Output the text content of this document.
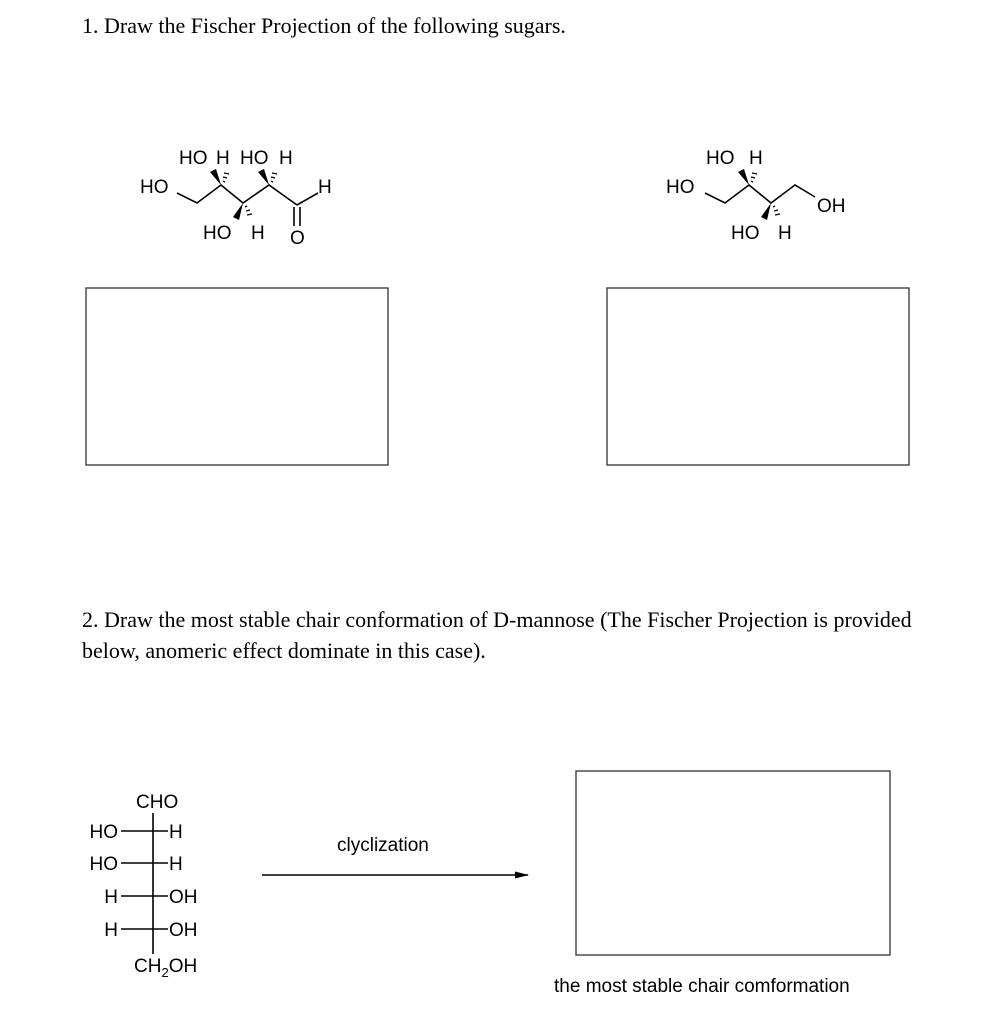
1. Draw the Fischer Projection of the following sugars.

HO
HO H HO H
HO H
H
O
HO
HO H
HO H
OH
CHO
HO	H
HO	H
H	OH
H	OH
$CH_2OH$
clyclization
the most stable chair comformation

2. Draw the most stable chair conformation of D-mannose (The Fischer Projection is provided below, anomeric effect dominate in this case).
